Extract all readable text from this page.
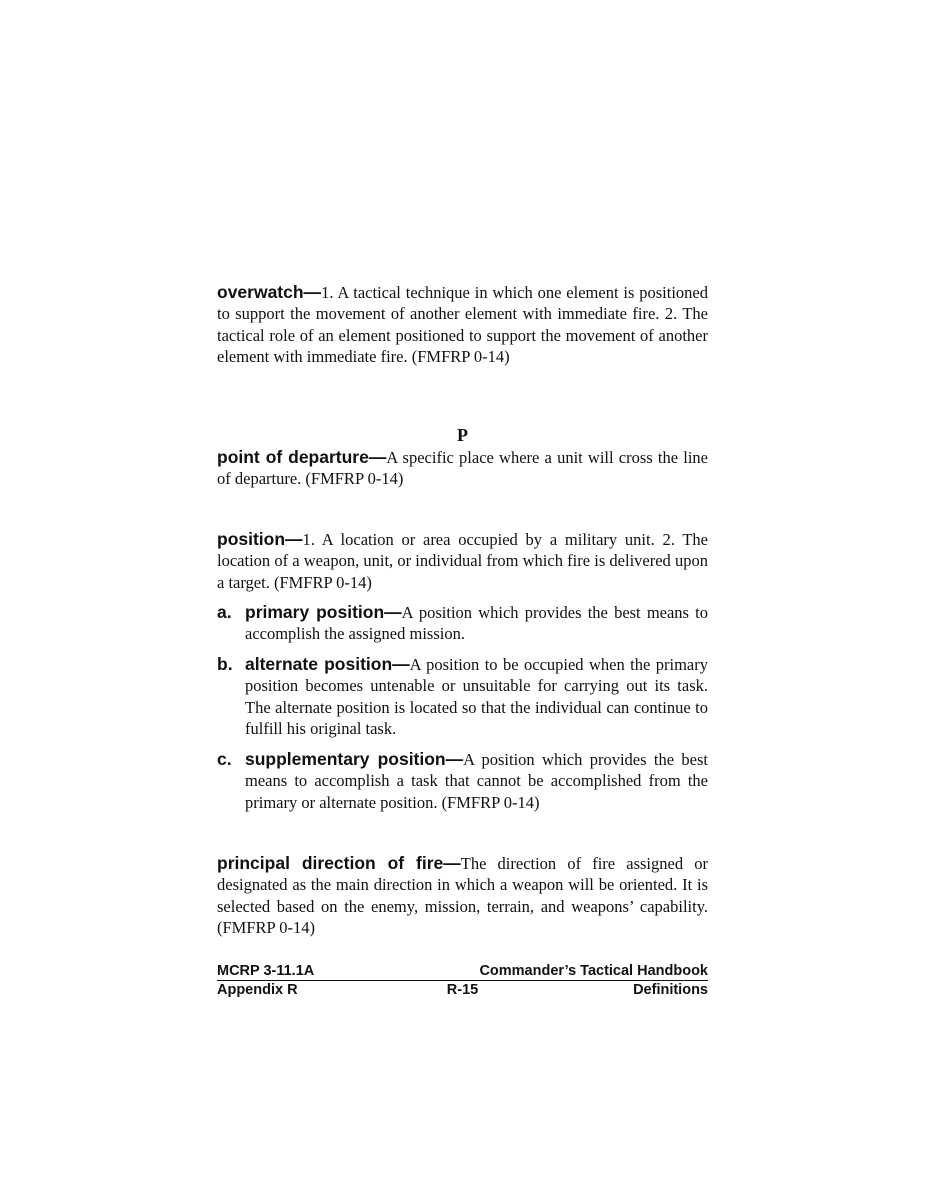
overwatch—1. A tactical technique in which one element is positioned to support the movement of another element with immediate fire. 2. The tactical role of an element positioned to support the movement of another element with immediate fire. (FMFRP 0-14)

P

point of departure—A specific place where a unit will cross the line of departure. (FMFRP 0-14)

position—1. A location or area occupied by a military unit. 2. The location of a weapon, unit, or individual from which fire is delivered upon a target. (FMFRP 0-14)

a. primary position—A position which provides the best means to accomplish the assigned mission.

b. alternate position—A position to be occupied when the primary position becomes untenable or unsuitable for carrying out its task. The alternate position is located so that the individual can continue to fulfill his original task.

c. supplementary position—A position which provides the best means to accomplish a task that cannot be accomplished from the primary or alternate position. (FMFRP 0-14)

principal direction of fire—The direction of fire assigned or designated as the main direction in which a weapon will be oriented. It is selected based on the enemy, mission, terrain, and weapons’ capability. (FMFRP 0-14)

MCRP 3-11.1A	Commander’s Tactical Handbook
Appendix R	R-15	Definitions
